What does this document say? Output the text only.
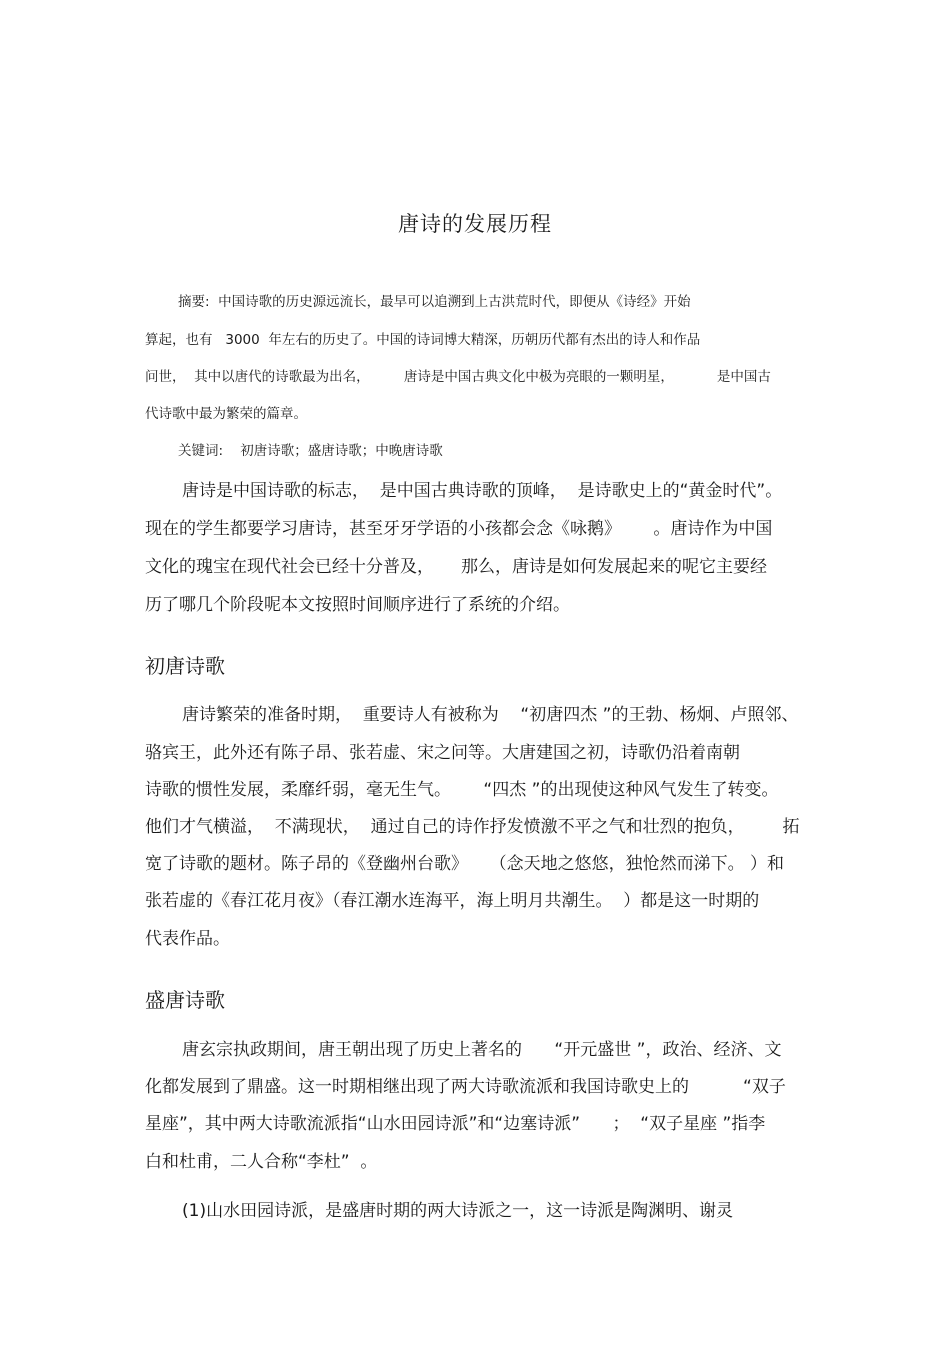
唐诗的发展历程
摘要:  中国诗歌的历史源远流长，最早可以追溯到上古洪荒时代，即便从《诗经》开始
算起，也有   3000  年左右的历史了。中国的诗词博大精深，历朝历代都有杰出的诗人和作品
问世，  其中以唐代的诗歌最为出名，        唐诗是中国古典文化中极为亮眼的一颗明星，          是中国古
代诗歌中最为繁荣的篇章。
关键词:    初唐诗歌；盛唐诗歌；中晚唐诗歌
唐诗是中国诗歌的标志，  是中国古典诗歌的顶峰，  是诗歌史上的“黄金时代”。
现在的学生都要学习唐诗，甚至牙牙学语的小孩都会念《咏鹅》      。唐诗作为中国
文化的瑰宝在现代社会已经十分普及，     那么，唐诗是如何发展起来的呢它主要经
历了哪几个阶段呢本文按照时间顺序进行了系统的介绍。
初唐诗歌
唐诗繁荣的准备时期，  重要诗人有被称为    “初唐四杰 ”的王勃、杨炯、卢照邻、
骆宾王，此外还有陈子昂、张若虚、宋之问等。大唐建国之初，诗歌仍沿着南朝
诗歌的惯性发展，柔靡纤弱，毫无生气。      “四杰 ”的出现使这种风气发生了转变。
他们才气横溢，  不满现状，  通过自己的诗作抒发愤激不平之气和壮烈的抱负，       拓
宽了诗歌的题材。陈子昂的《登幽州台歌》    （念天地之悠悠，独怆然而涕下。 ）和
张若虚的《春江花月夜》（春江潮水连海平，海上明月共潮生。  ）都是这一时期的
代表作品。
盛唐诗歌
唐玄宗执政期间，唐王朝出现了历史上著名的      “开元盛世 ”，政治、经济、文
化都发展到了鼎盛。这一时期相继出现了两大诗歌流派和我国诗歌史上的          “双子
星座”，其中两大诗歌流派指“山水田园诗派”和“边塞诗派”      ；  “双子星座 ”指李
白和杜甫，二人合称“李杜”  。
(1)山水田园诗派，是盛唐时期的两大诗派之一，这一诗派是陶渊明、谢灵
